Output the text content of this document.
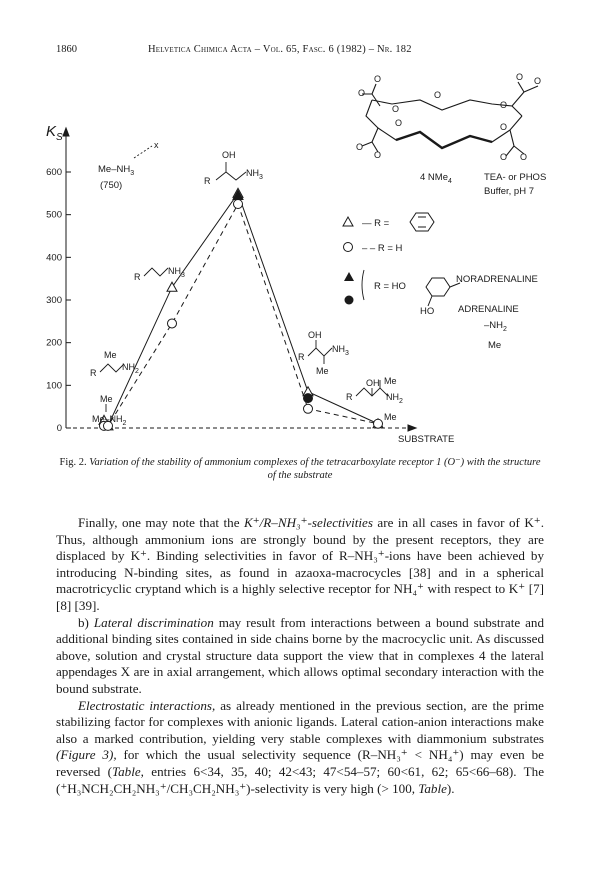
1860	Helvetica Chimica Acta – Vol. 65, Fasc. 6 (1982) – Nr. 182
$K_S$
0
100
200
300
400
500
600
SUBSTRATE
O O
O
O
O
O
O
O
O
O
O	O O
4 NMe$_4$	TEA- or PHOS
Buffer, pH 7
$Me-NH_3$
(750)
x
OH
R
$NH_3$
R
$NH_3$
Me
R
$NH_2$
Me
$Me-NH_2$
OH
R
$NH_3$
Me
OH Me
R	$NH_2$
Me
— R =
– – R = H
R = HO
HO
NORADRENALINE
ADRENALINE
$-NH_2$
Me
Fig. 2. Variation of the stability of ammonium complexes of the tetracarboxylate receptor 1 (O⁻) with the structure of the substrate

Finally, one may note that the K⁺/R–NH₃⁺-selectivities are in all cases in favor of K⁺. Thus, although ammonium ions are strongly bound by the present receptors, they are displaced by K⁺. Binding selectivities in favor of R–NH₃⁺-ions have been achieved by introducing N-binding sites, as found in azaoxa-macrocycles [38] and in a spherical macrotricyclic cryptand which is a highly selective receptor for NH₄⁺ with respect to K⁺ [7] [8] [39].

b) Lateral discrimination may result from interactions between a bound substrate and additional binding sites contained in side chains borne by the macrocyclic unit. As discussed above, solution and crystal structure data support the view that in complexes 4 the lateral appendages X are in axial arrangement, which allows optimal secondary interaction with the bound substrate.

Electrostatic interactions, as already mentioned in the previous section, are the prime stabilizing factor for complexes with anionic ligands. Lateral cation-anion interactions make also a marked contribution, yielding very stable complexes with diammonium substrates (Figure 3), for which the usual selectivity sequence (R–NH₃⁺ < NH₄⁺) may even be reversed (Table, entries 6<34, 35, 40; 42<43; 47<54–57; 60<61, 62; 65<66–68). The (⁺H₃NCH₂CH₂NH₃⁺/CH₃CH₂NH₃⁺)-selectivity is very high (> 100, Table).
